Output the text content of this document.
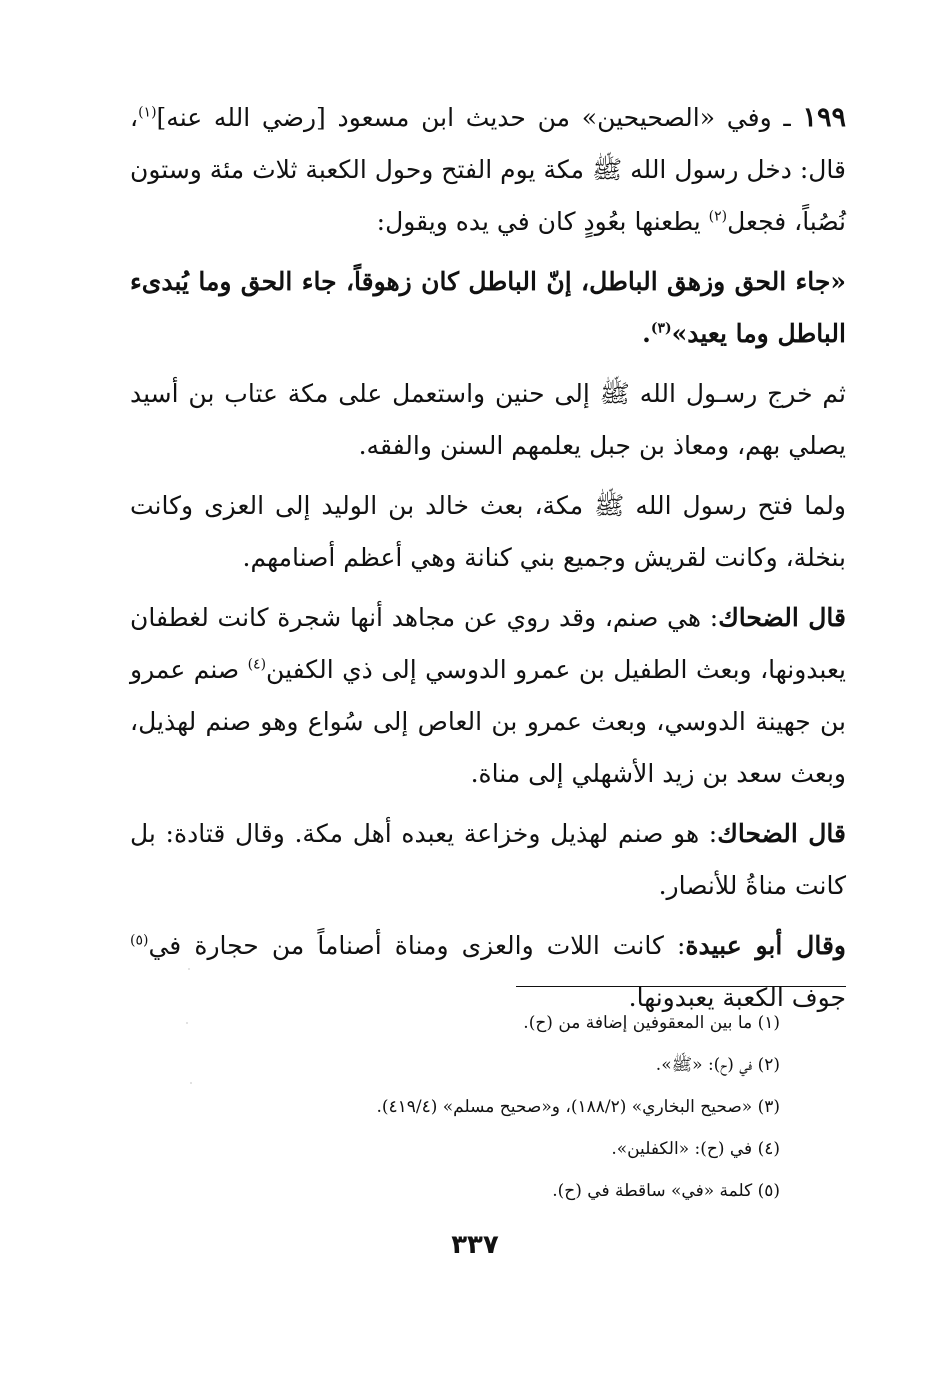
١٩٩ ـ وفي «الصحيحين» من حديث ابن مسعود [رضي الله عنه]$^{(١)}$، قال: دخل رسول الله ﷺ مكة يوم الفتح وحول الكعبة ثلاث مئة وستون نُصُباً، فجعل$^{(٢)}$ يطعنها بعُودٍ كان في يده ويقول:

«جاء الحق وزهق الباطل، إنّ الباطل كان زهوقاً، جاء الحق وما يُبدىء الباطل وما يعيد»$^{(٣)}$.

ثم خرج رسـول الله ﷺ إلى حنين واستعمل على مكة عتاب بن أسيد يصلي بهم، ومعاذ بن جبل يعلمهم السنن والفقه.

ولما فتح رسول الله ﷺ مكة، بعث خالد بن الوليد إلى العزى وكانت بنخلة، وكانت لقريش وجميع بني كنانة وهي أعظم أصنامهم.

قال الضحاك: هي صنم، وقد روي عن مجاهد أنها شجرة كانت لغطفان يعبدونها، وبعث الطفيل بن عمرو الدوسي إلى ذي الكفين$^{(٤)}$ صنم عمرو بن جهينة الدوسي، وبعث عمرو بن العاص إلى سُواع وهو صنم لهذيل، وبعث سعد بن زيد الأشهلي إلى مناة.

قال الضحاك: هو صنم لهذيل وخزاعة يعبده أهل مكة. وقال قتادة: بل كانت مناةُ للأنصار.

وقال أبو عبيدة: كانت اللات والعزى ومناة أصناماً من حجارة في$^{(٥)}$ جوف الكعبة يعبدونها.

(١) ما بين المعقوفين إضافة من (ح).
(٢) في (ح): «ﷺ».
(٣) «صحيح البخاري» (١٨٨/٢)، و«صحيح مسلم» (٤١٩/٤).
(٤) في (ح): «الكفلين».
(٥) كلمة «في» ساقطة في (ح).
٣٣٧
